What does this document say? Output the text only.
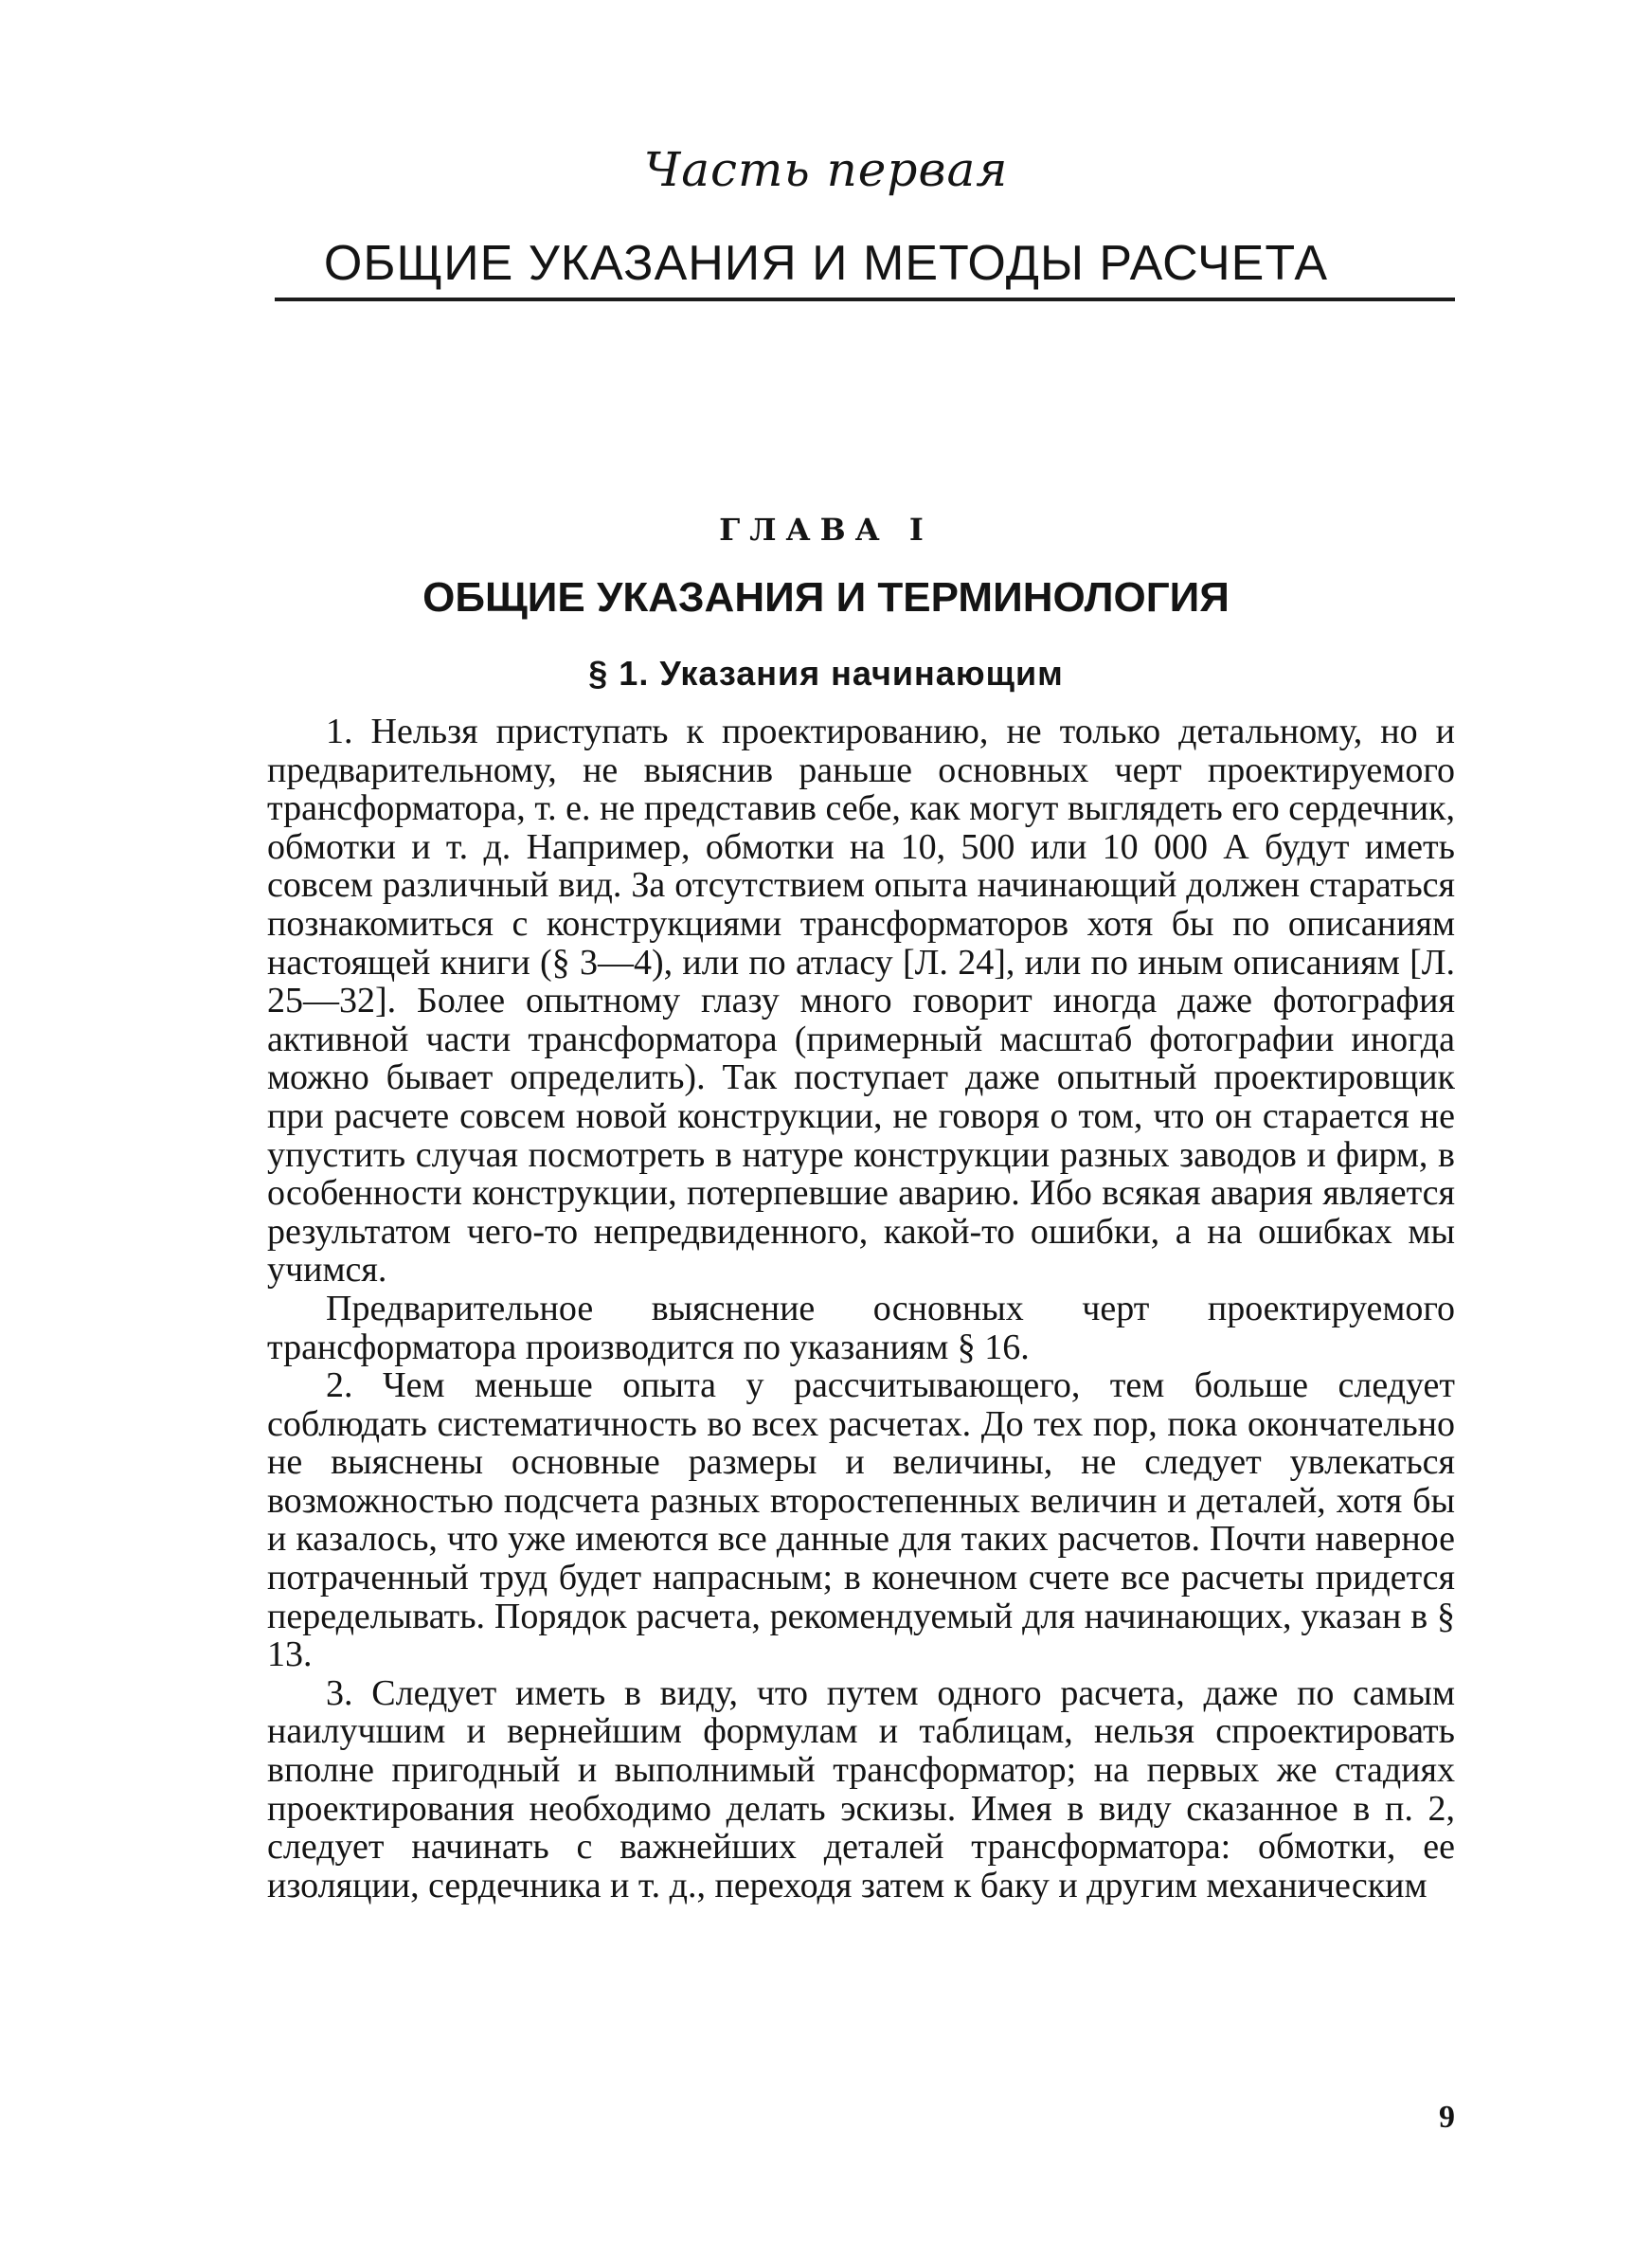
Часть первая
ОБЩИЕ УКАЗАНИЯ И МЕТОДЫ РАСЧЕТА
ГЛАВА I
ОБЩИЕ УКАЗАНИЯ И ТЕРМИНОЛОГИЯ
§ 1. Указания начинающим

1. Нельзя приступать к проектированию, не только детальному, но и предварительному, не выяснив раньше основных черт проектируемого трансформатора, т. е. не представив себе, как могут выглядеть его сердечник, обмотки и т. д. Например, обмотки на 10, 500 или 10 000 А будут иметь совсем различный вид. За отсутствием опыта начинающий должен стараться познакомиться с конструкциями трансформаторов хотя бы по описаниям настоящей книги (§ 3—4), или по атласу [Л. 24], или по иным описаниям [Л. 25—32]. Более опытному глазу много говорит иногда даже фотография активной части трансформатора (примерный масштаб фотографии иногда можно бывает определить). Так поступает даже опытный проектировщик при расчете совсем новой конструкции, не говоря о том, что он старается не упустить случая посмотреть в натуре конструкции разных заводов и фирм, в особенности конструкции, потерпевшие аварию. Ибо всякая авария является результатом чего-то непредвиденного, какой-то ошибки, а на ошибках мы учимся.

Предварительное выяснение основных черт проектируемого трансформатора производится по указаниям § 16.

2. Чем меньше опыта у рассчитывающего, тем больше следует соблюдать систематичность во всех расчетах. До тех пор, пока окончательно не выяснены основные размеры и величины, не следует увлекаться возможностью подсчета разных второстепенных величин и деталей, хотя бы и казалось, что уже имеются все данные для таких расчетов. Почти наверное потраченный труд будет напрасным; в конечном счете все расчеты придется переделывать. Порядок расчета, рекомендуемый для начинающих, указан в § 13.

3. Следует иметь в виду, что путем одного расчета, даже по самым наилучшим и вернейшим формулам и таблицам, нельзя спроектировать вполне пригодный и выполнимый трансформатор; на первых же стадиях проектирования необходимо делать эскизы. Имея в виду сказанное в п. 2, следует начинать с важнейших деталей трансформатора: обмотки, ее изоляции, сердечника и т. д., переходя затем к баку и другим механическим

9
